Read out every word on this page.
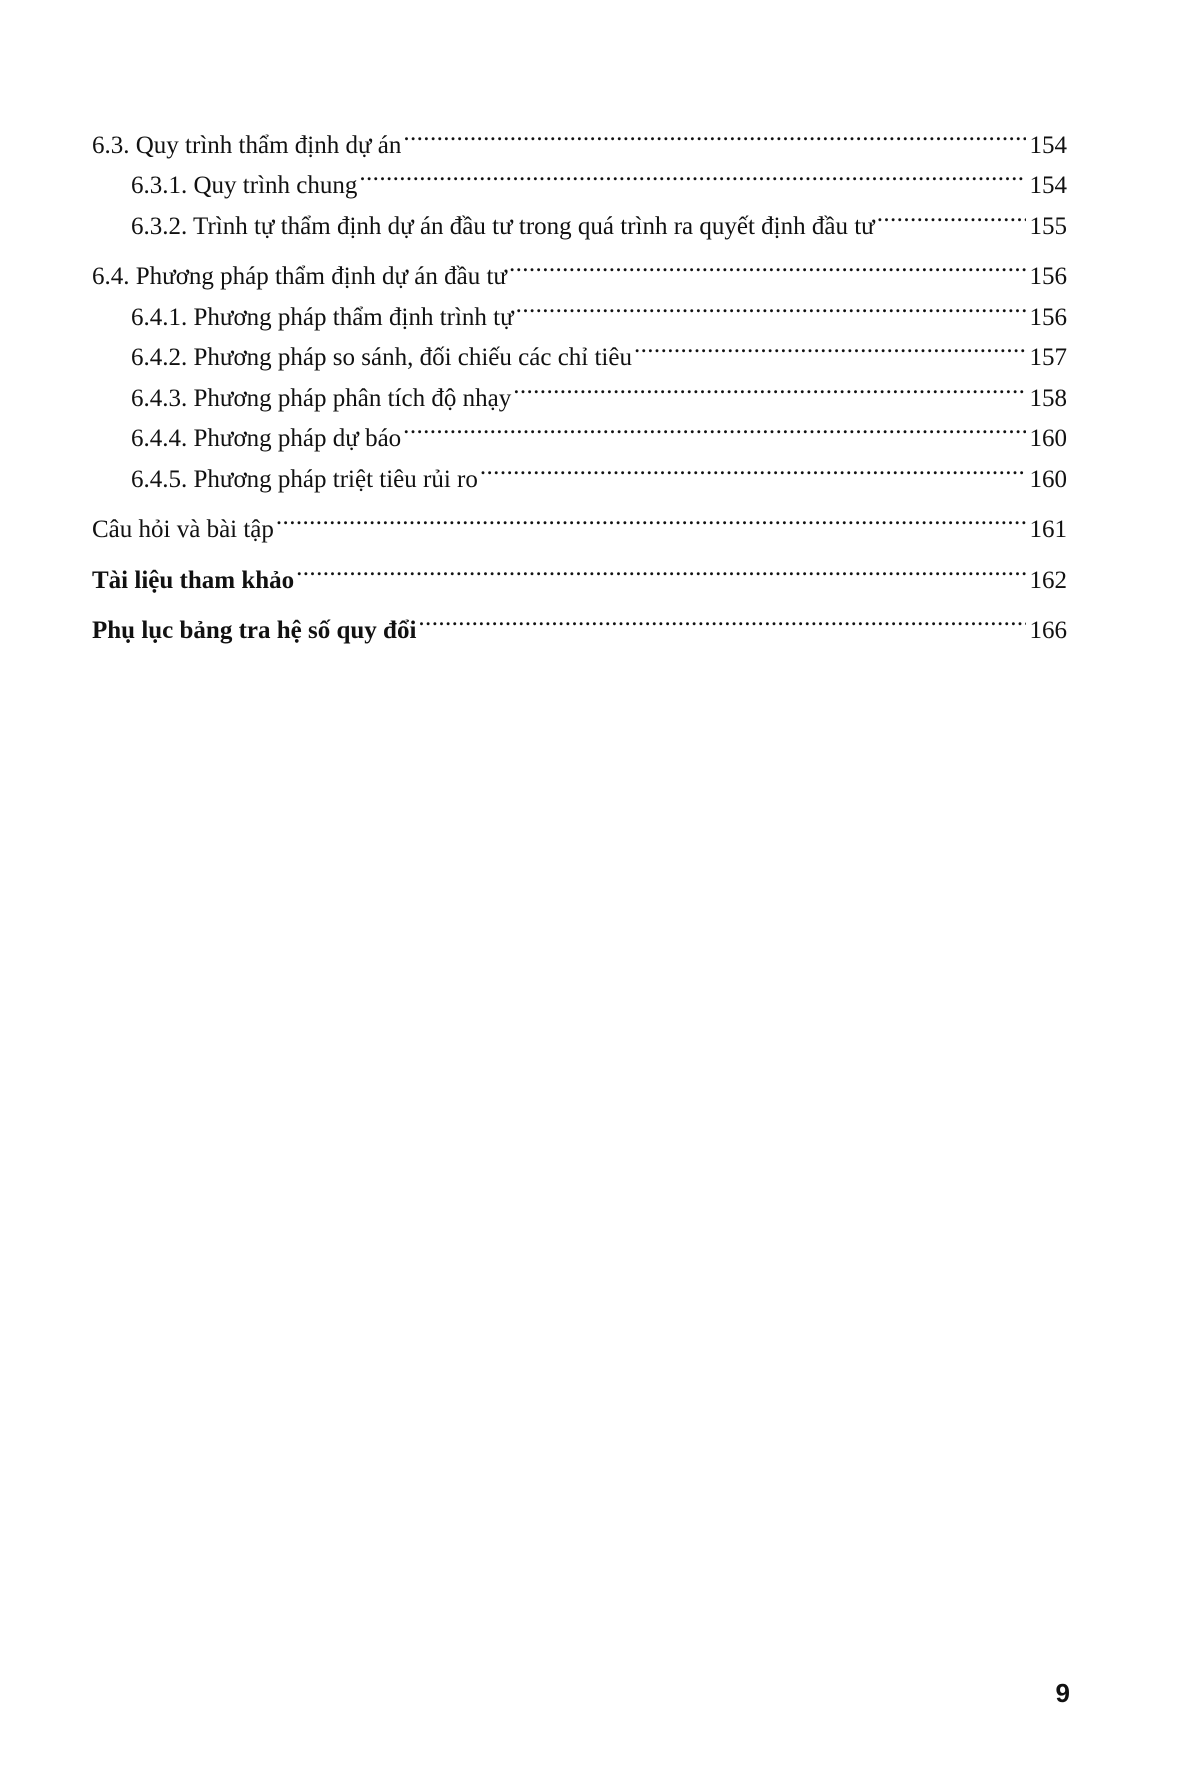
6.3. Quy trình thẩm định dự án .....	154
6.3.1. Quy trình chung .....	154
6.3.2. Trình tự thẩm định dự án đầu tư trong quá trình ra quyết định đầu tư .....	155
6.4. Phương pháp thẩm định dự án đầu tư .....	156
6.4.1. Phương pháp thẩm định trình tự .....	156
6.4.2. Phương pháp so sánh, đối chiếu các chỉ tiêu .....	157
6.4.3. Phương pháp phân tích độ nhạy .....	158
6.4.4. Phương pháp dự báo .....	160
6.4.5. Phương pháp triệt tiêu rủi ro .....	160
Câu hỏi và bài tập .....	161
Tài liệu tham khảo .....	162
Phụ lục bảng tra hệ số quy đổi .....	166
9
